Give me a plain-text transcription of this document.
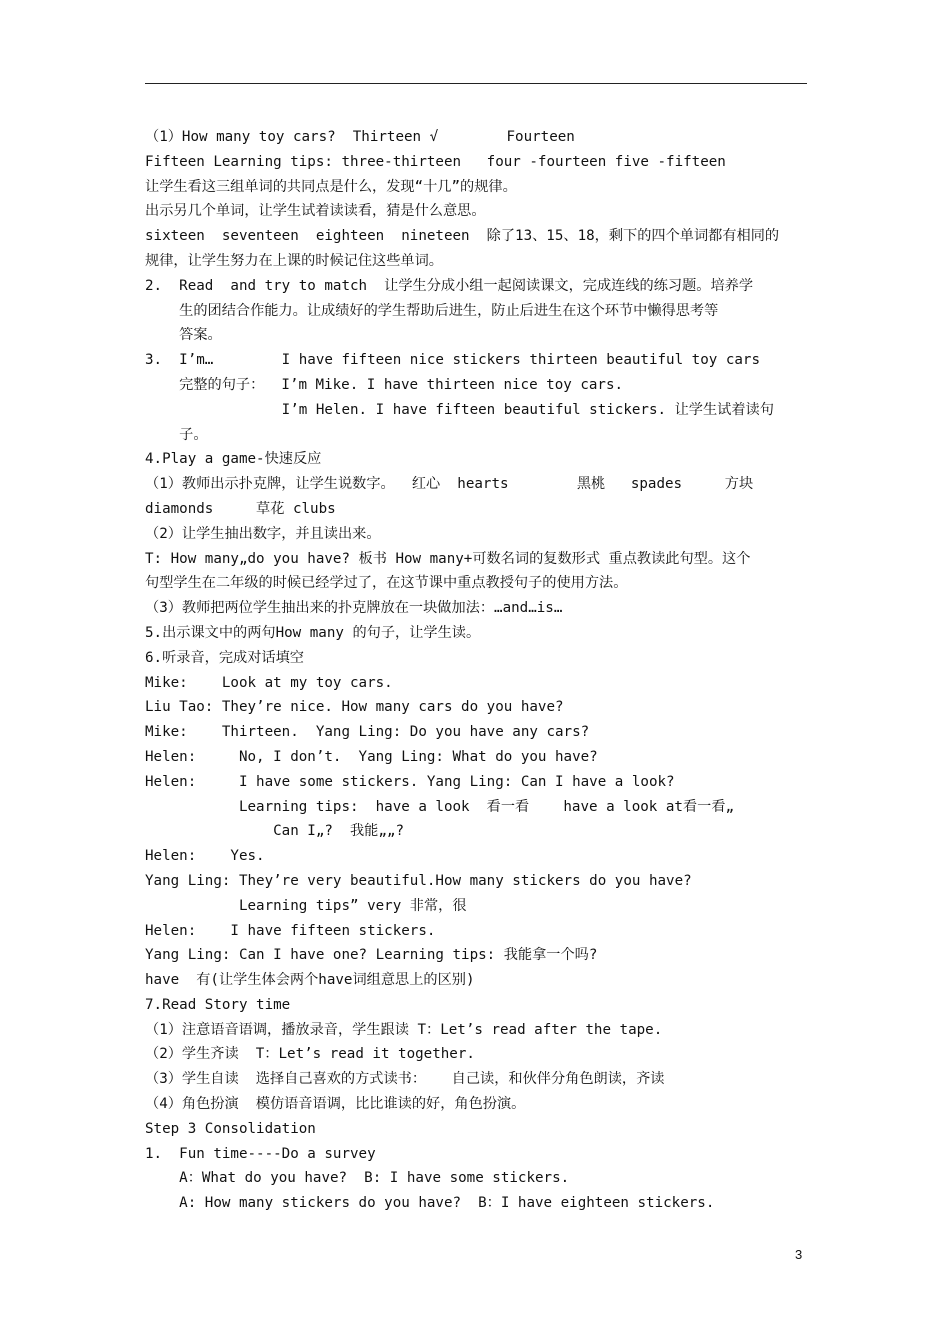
（1）How many toy cars?  Thirteen √        Fourteen
Fifteen Learning tips: three-thirteen   four -fourteen five -fifteen
让学生看这三组单词的共同点是什么，发现“十几”的规律。
出示另几个单词，让学生试着读读看，猜是什么意思。
sixteen  seventeen  eighteen  nineteen  除了13、15、18，剩下的四个单词都有相同的
规律，让学生努力在上课的时候记住这些单词。
2.  Read  and try to match  让学生分成小组一起阅读课文，完成连线的练习题。培养学
生的团结合作能力。让成绩好的学生帮助后进生，防止后进生在这个环节中懒得思考等
答案。
3.  I’m…        I have fifteen nice stickers thirteen beautiful toy cars
完整的句子：  I’m Mike. I have thirteen nice toy cars.
I’m Helen. I have fifteen beautiful stickers. 让学生试着读句
子。
4.Play a game-快速反应
（1）教师出示扑克牌，让学生说数字。  红心  hearts        黑桃   spades     方块
diamonds     草花 clubs
（2）让学生抽出数字，并且读出来。
T: How many„do you have? 板书 How many+可数名词的复数形式 重点教读此句型。这个
句型学生在二年级的时候已经学过了，在这节课中重点教授句子的使用方法。
（3）教师把两位学生抽出来的扑克牌放在一块做加法：…and…is…
5.出示课文中的两句How many 的句子，让学生读。
6.听录音，完成对话填空
Mike:    Look at my toy cars.
Liu Tao: They’re nice. How many cars do you have?
Mike:    Thirteen.  Yang Ling: Do you have any cars?
Helen:     No, I don’t.  Yang Ling: What do you have?
Helen:     I have some stickers. Yang Ling: Can I have a look?
Learning tips:  have a look  看一看    have a look at看一看„
Can I„?  我能„„?
Helen:    Yes.
Yang Ling: They’re very beautiful.How many stickers do you have?
Learning tips” very 非常，很
Helen:    I have fifteen stickers.
Yang Ling: Can I have one? Learning tips: 我能拿一个吗?
have  有(让学生体会两个have词组意思上的区别)
7.Read Story time
（1）注意语音语调，播放录音，学生跟读 T：Let’s read after the tape.
（2）学生齐读  T：Let’s read it together.
（3）学生自读  选择自己喜欢的方式读书：   自己读，和伙伴分角色朗读，齐读
（4）角色扮演  模仿语音语调，比比谁读的好，角色扮演。
Step 3 Consolidation
1.  Fun time----Do a survey
A：What do you have?  B: I have some stickers.
A: How many stickers do you have?  B：I have eighteen stickers.
3
